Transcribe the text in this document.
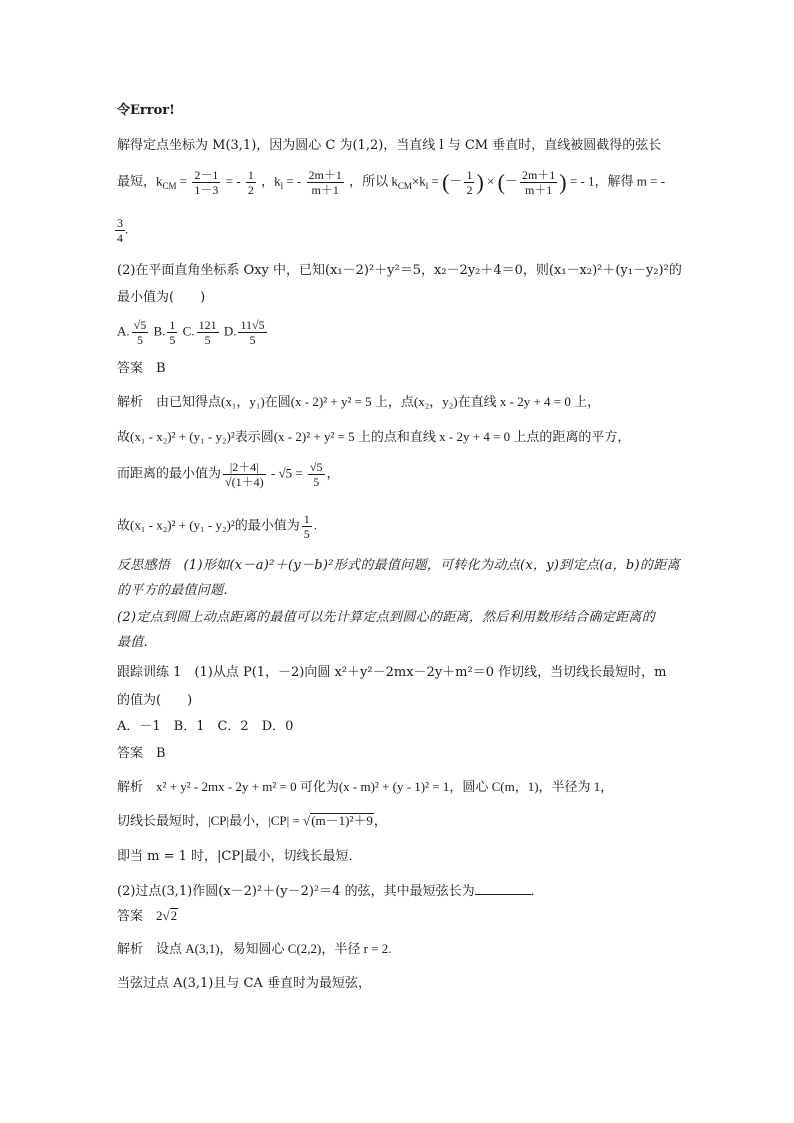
令Error!
解得定点坐标为 M(3,1)，因为圆心 C 为(1,2)，当直线 l 与 CM 垂直时，直线被圆截得的弦长
最短，$k_{CM} = \frac{2-1}{1-3}$ = - $\frac{1}{2}$ ，$k_l$ = - $\frac{2m+1}{m+1}$ ，所以 $k_{CM}\times k_l$ = (－ $\frac{1}{2}$ ) × (－ $\frac{2m+1}{m+1}$ ) = - 1，解得 m = -
$\frac{3}{4}$ .
(2)在平面直角坐标系 Oxy 中，已知(x₁－2)²＋y²＝5，x₂－2y₂＋4＝0，则(x₁－x₂)²＋(y₁－y₂)²的
最小值为(　　)
A. $\frac{√5}{5} B$. $\frac{1}{5} C$. $\frac{121}{5} D$. $\frac{11√5}{5}$
答案　B
解析　由已知得点(x₁，y₁)在圆(x - 2)² + y² = 5 上，点(x₂，y₂)在直线 x - 2y + 4 = 0 上，
故(x₁ - x₂)² + (y₁ - y₂)²表示圆(x - 2)² + y² = 5 上的点和直线 x - 2y + 4 = 0 上点的距离的平方，
而距离的最小值为 $\frac{|2+4|}{√(1+4)} - √5 = \frac{√5}{5}$ ，
故(x₁ - x₂)² + (y₁ - y₂)²的最小值为 $\frac{1}{5}$ .
反思感悟　(1)形如(x－a)²＋(y－b)²形式的最值问题，可转化为动点(x，y)到定点(a，b)的距离
的平方的最值问题.
(2)定点到圆上动点距离的最值可以先计算定点到圆心的距离，然后利用数形结合确定距离的
最值.
跟踪训练 1　(1)从点 P(1，－2)向圆 x²＋y²－2mx－2y＋m²＝0 作切线，当切线长最短时，m
的值为(　　)
A．－1　B．1　C．2　D．0
答案　B
解析　x² + y² - 2mx - 2y + m² = 0 可化为(x - m)² + (y - 1)² = 1，圆心 C(m，1)，半径为 1，
切线长最短时，|CP|最小，|CP| = √(m－1)²＋9，
即当 m = 1 时，|CP|最小，切线长最短．
(2)过点(3,1)作圆(x－2)²＋(y－2)²＝4 的弦，其中最短弦长为	．
答案　2√2
解析　设点 A(3,1)，易知圆心 C(2,2)，半径 r = 2.
当弦过点 A(3,1)且与 CA 垂直时为最短弦，
